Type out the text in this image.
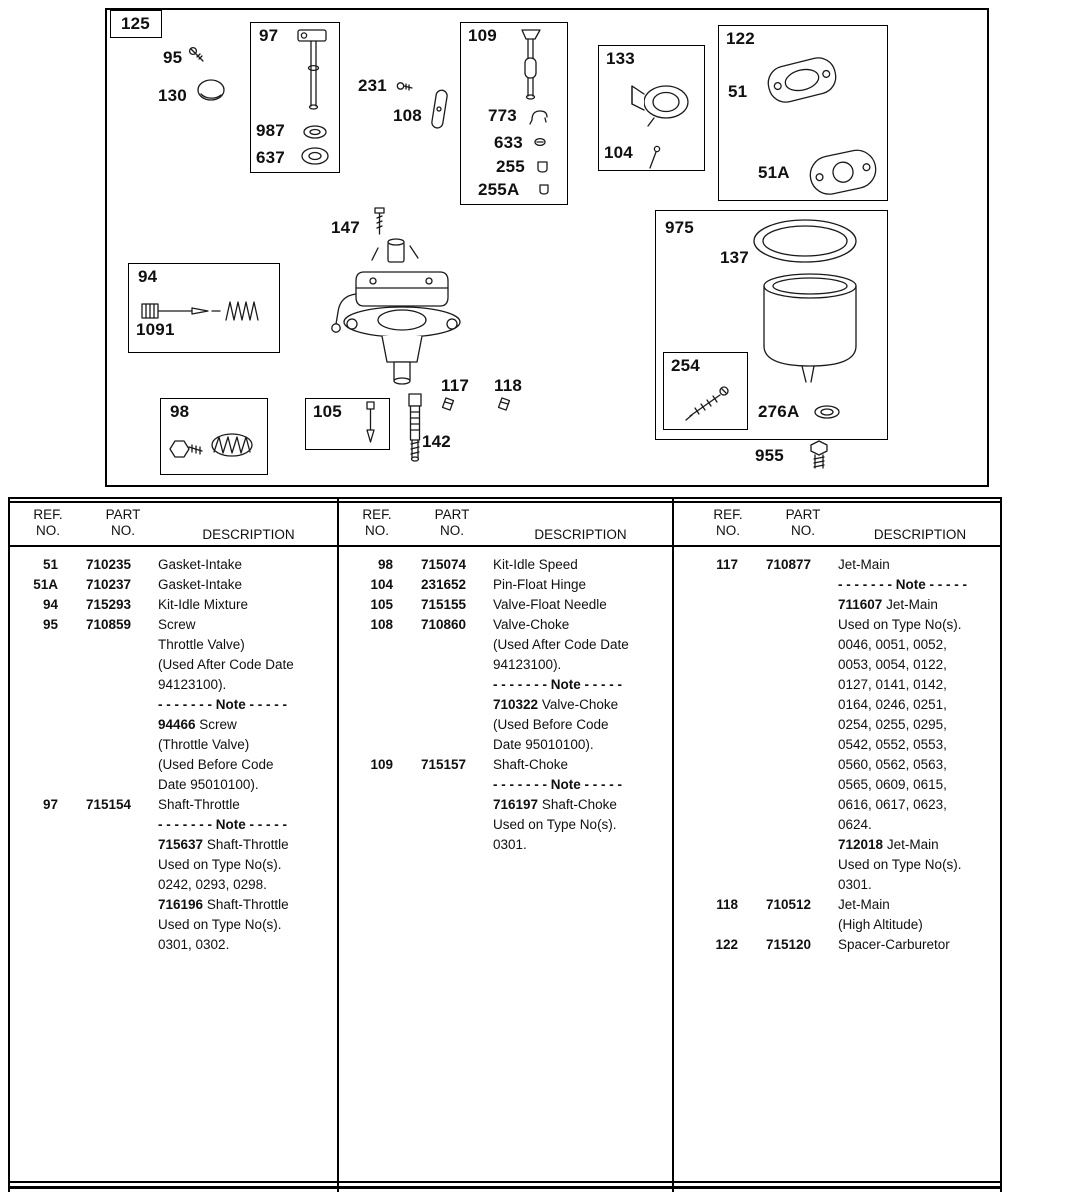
125
95
130
97
987
637
231
108
109
773
633
255
255A
133
104
122
51
51A
147
94
1091
117 118
98	105
142
975
137
254
276A
955
REF.
NO.
PART
NO.	DESCRIPTION
51 710235	Gasket-Intake
51A 710237	Gasket-Intake
94 715293	Kit-Idle Mixture
95 710859	Screw
Throttle Valve)
(Used After Code Date
94123100).
- - - - - - - Note - - - - -
94466 Screw
(Throttle Valve)
(Used Before Code
Date 95010100).
97 715154	Shaft-Throttle
- - - - - - - Note - - - - -
715637 Shaft-Throttle
Used on Type No(s).
0242, 0293, 0298.
716196 Shaft-Throttle
Used on Type No(s).
0301, 0302.
REF.
NO.
PART
NO.	DESCRIPTION
98 715074	Kit-Idle Speed
104 231652	Pin-Float Hinge
105 715155	Valve-Float Needle
108 710860	Valve-Choke
(Used After Code Date
94123100).
- - - - - - - Note - - - - -
710322 Valve-Choke
(Used Before Code
Date 95010100).
109 715157	Shaft-Choke
- - - - - - - Note - - - - -
716197 Shaft-Choke
Used on Type No(s).
0301.
REF.
NO.
PART
NO.	DESCRIPTION
117 710877	Jet-Main
- - - - - - - Note - - - - -
711607 Jet-Main
Used on Type No(s).
0046, 0051, 0052,
0053, 0054, 0122,
0127, 0141, 0142,
0164, 0246, 0251,
0254, 0255, 0295,
0542, 0552, 0553,
0560, 0562, 0563,
0565, 0609, 0615,
0616, 0617, 0623,
0624.
712018 Jet-Main
Used on Type No(s).
0301.
118 710512	Jet-Main
(High Altitude)
122 715120	Spacer-Carburetor
